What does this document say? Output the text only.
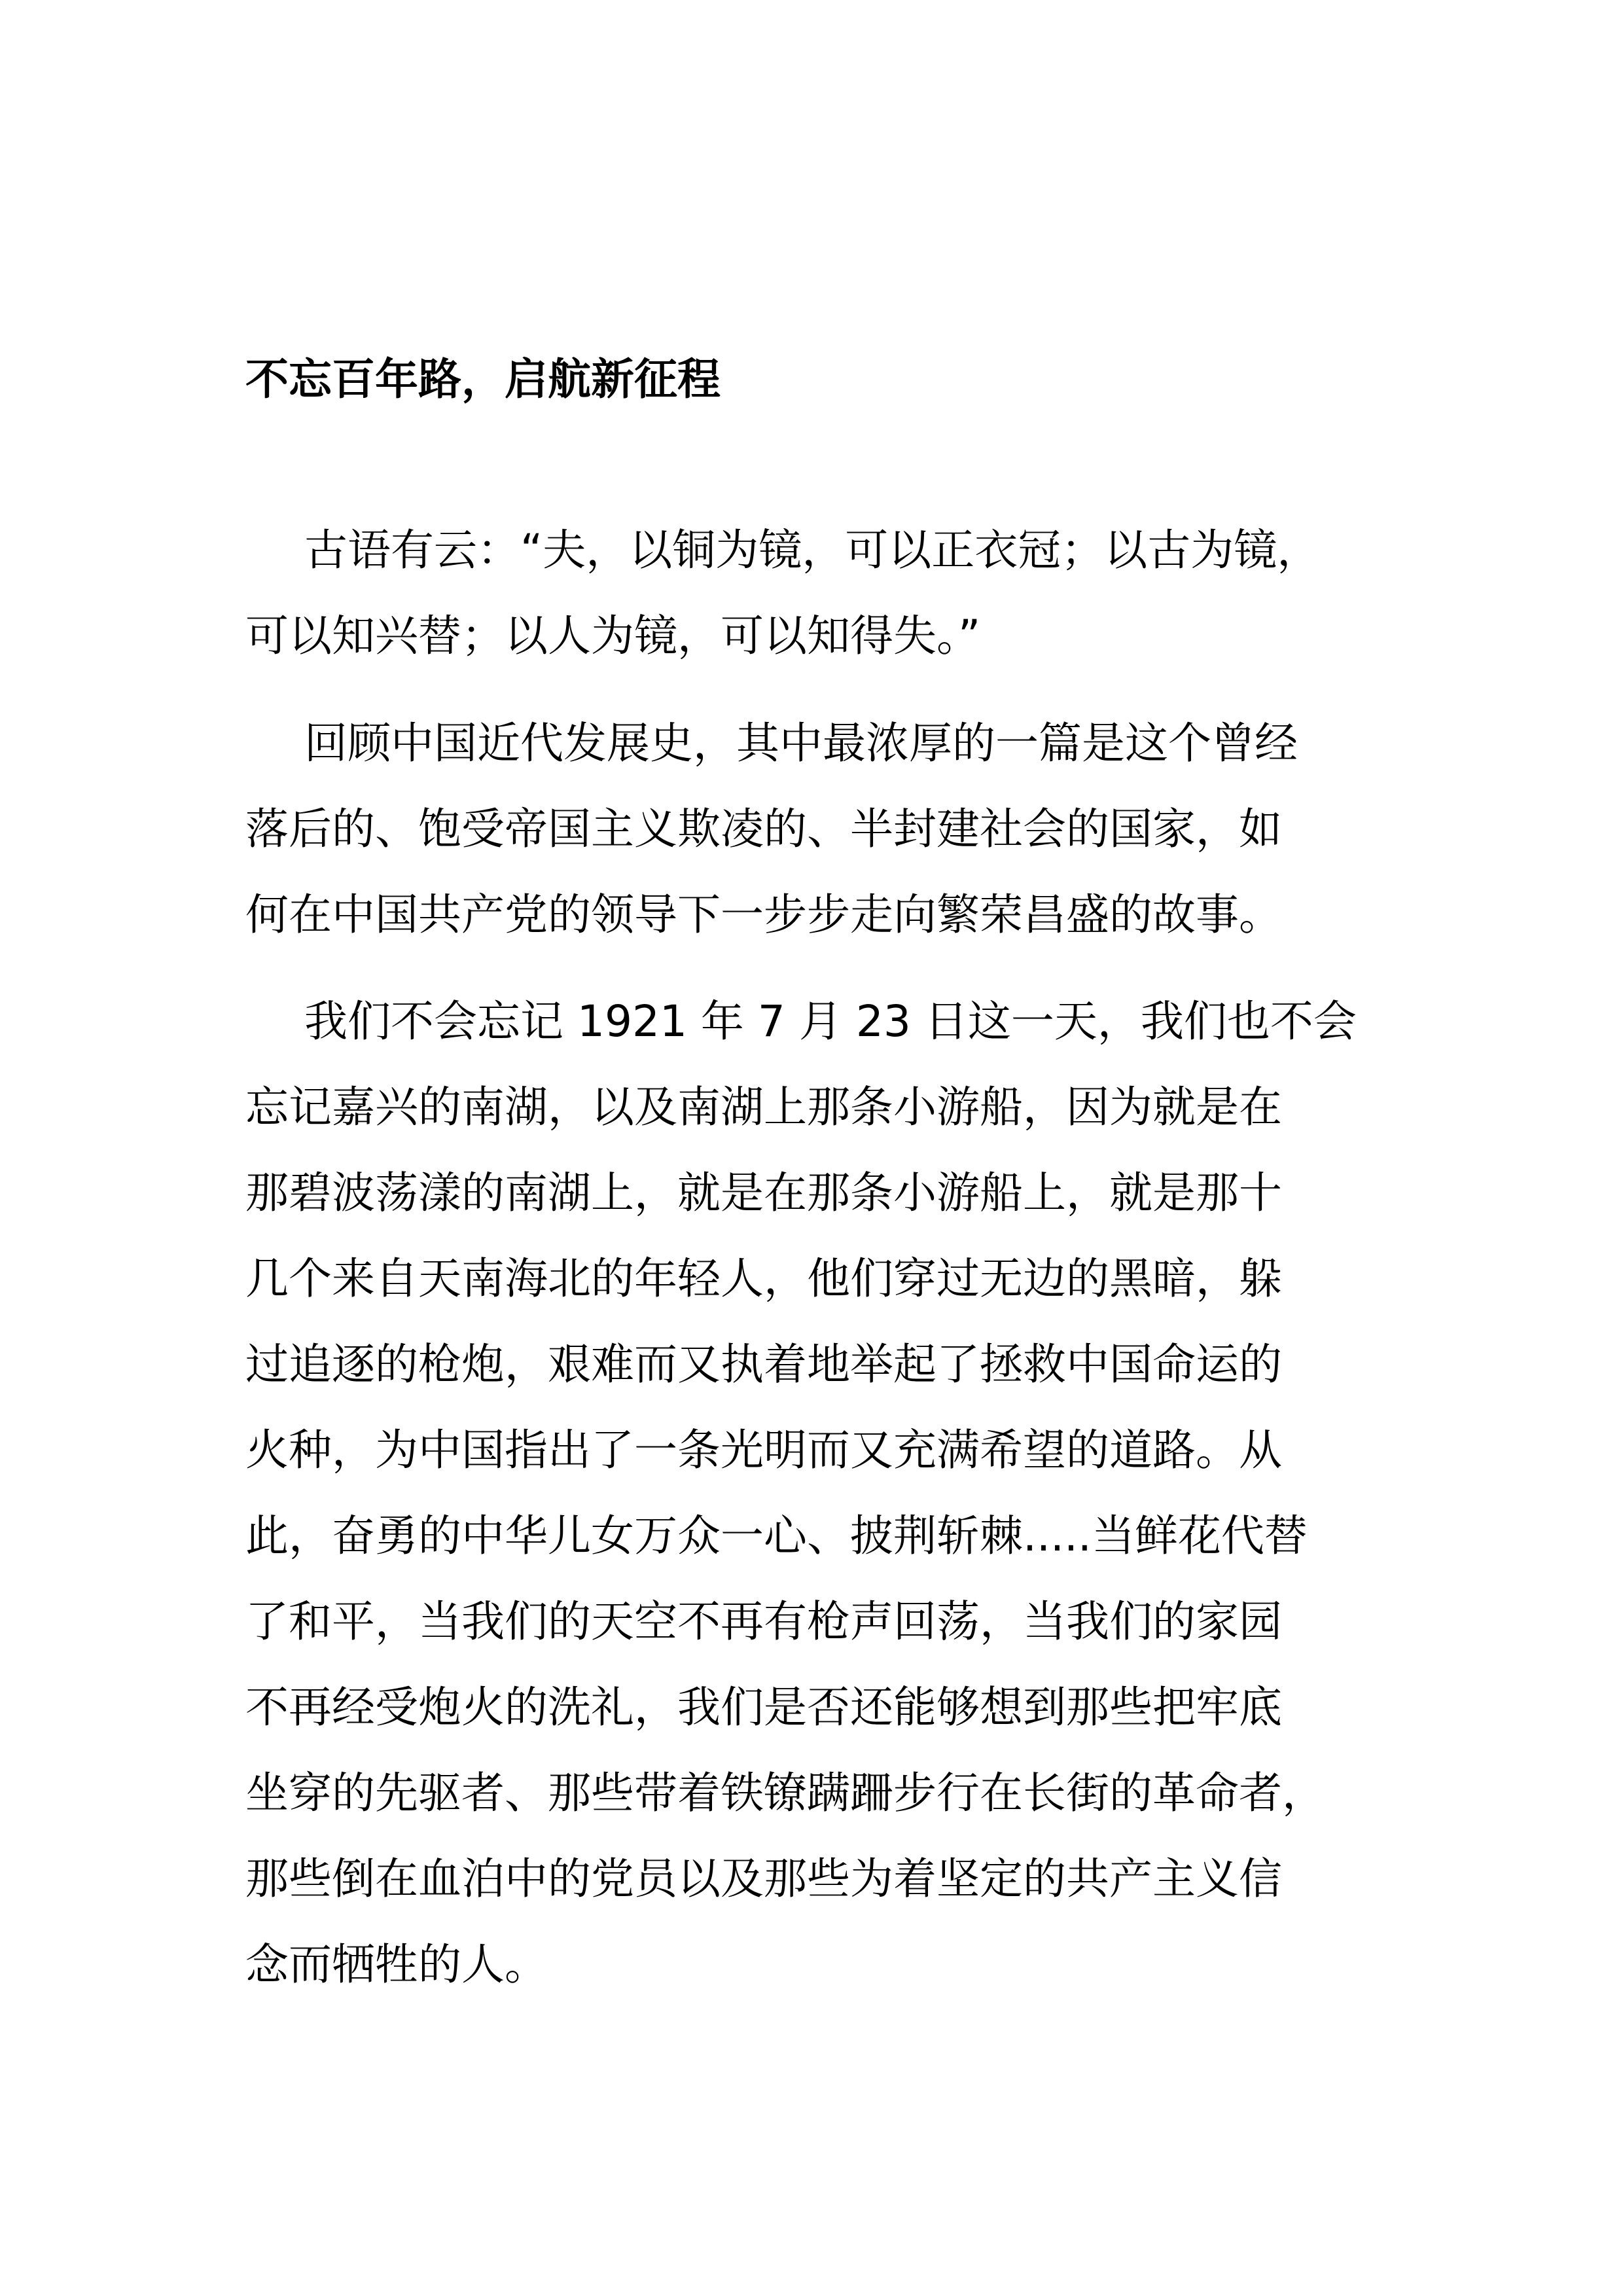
不忘百年路，启航新征程
古语有云：“夫，以铜为镜，可以正衣冠；以古为镜，
可以知兴替；以人为镜，可以知得失。”
回顾中国近代发展史，其中最浓厚的一篇是这个曾经
落后的、饱受帝国主义欺凌的、半封建社会的国家，如
何在中国共产党的领导下一步步走向繁荣昌盛的故事。
我们不会忘记 1921 年 7 月 23 日这一天，我们也不会
忘记嘉兴的南湖，以及南湖上那条小游船，因为就是在
那碧波荡漾的南湖上，就是在那条小游船上，就是那十
几个来自天南海北的年轻人，他们穿过无边的黑暗，躲
过追逐的枪炮，艰难而又执着地举起了拯救中国命运的
火种，为中国指出了一条光明而又充满希望的道路。从
此，奋勇的中华儿女万众一心、披荆斩棘.....当鲜花代替
了和平，当我们的天空不再有枪声回荡，当我们的家园
不再经受炮火的洗礼，我们是否还能够想到那些把牢底
坐穿的先驱者、那些带着铁镣蹒跚步行在长街的革命者，
那些倒在血泊中的党员以及那些为着坚定的共产主义信
念而牺牲的人。
